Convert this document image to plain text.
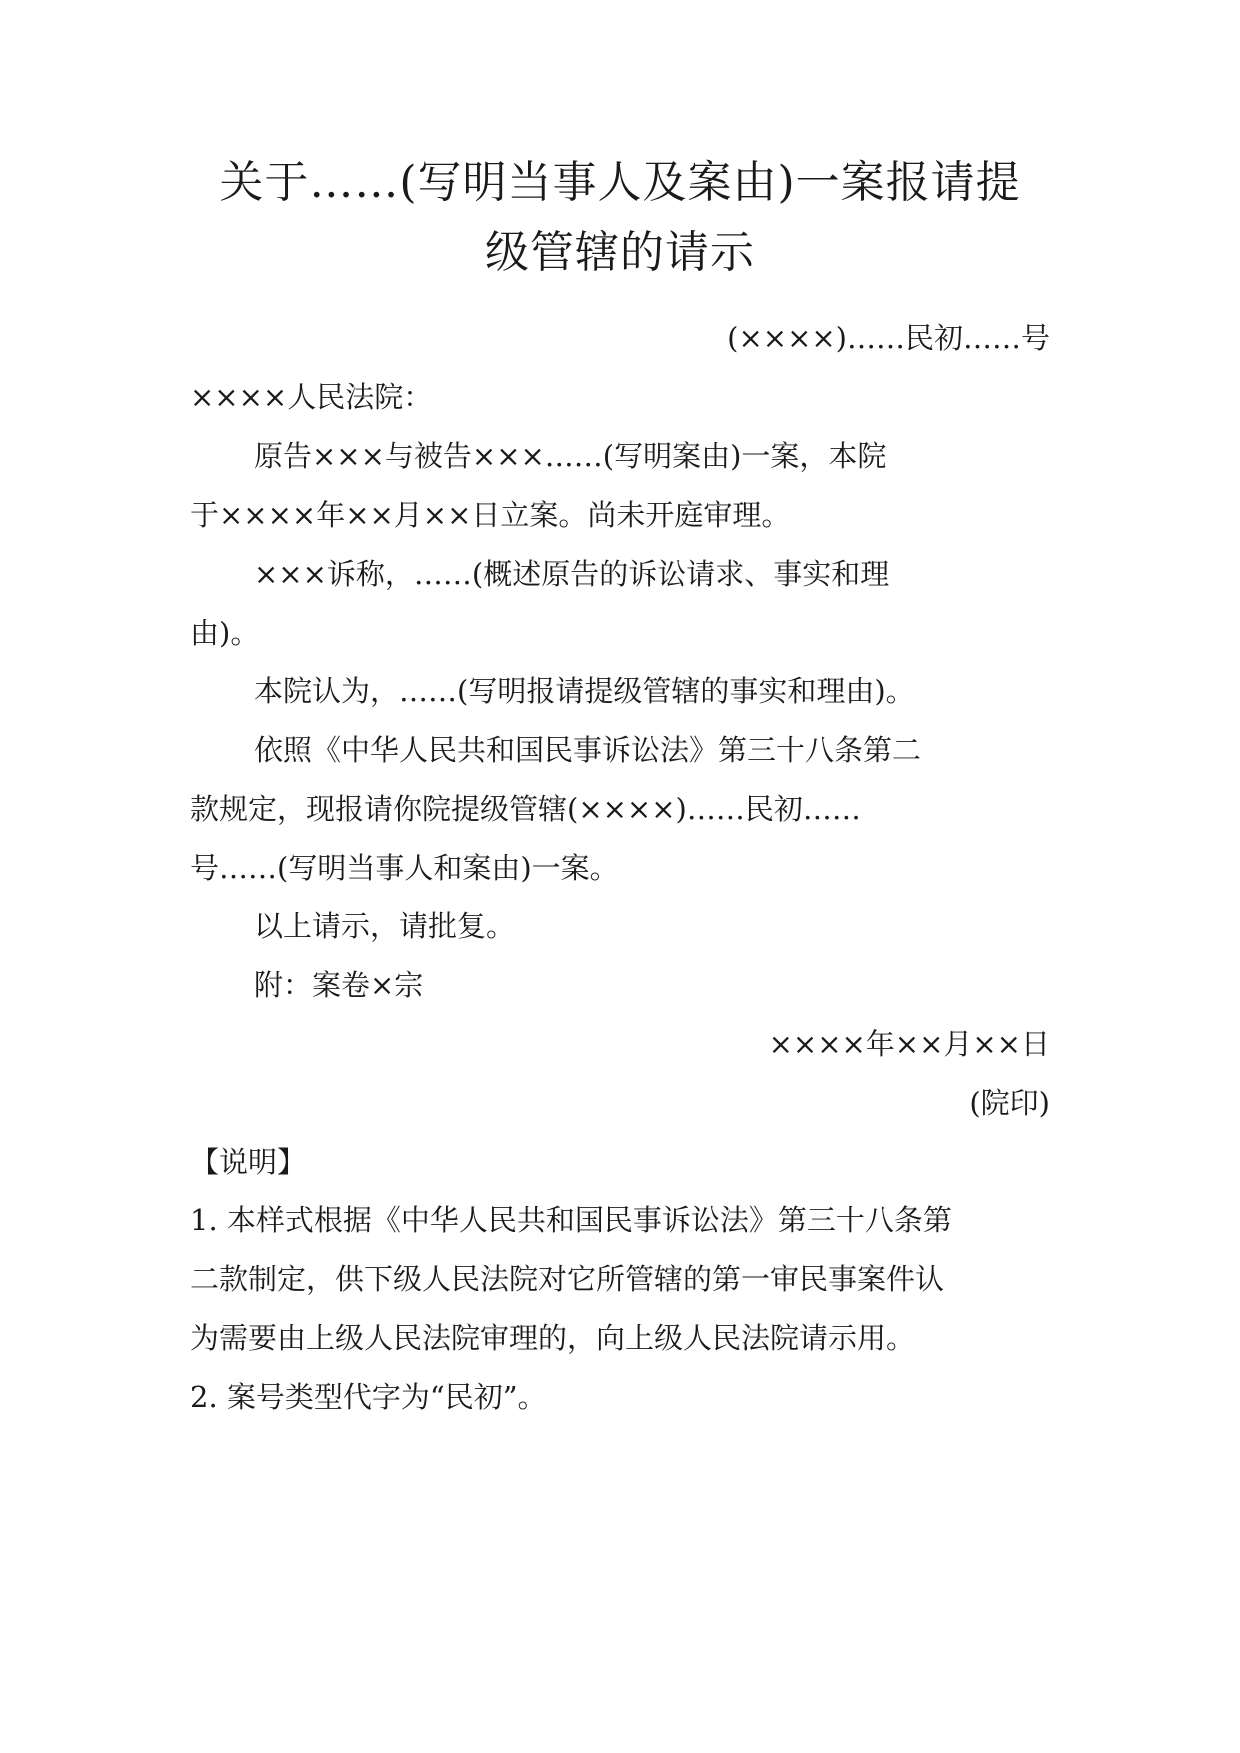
关于……(写明当事人及案由)一案报请提
级管辖的请示
(××××)……民初……号
××××人民法院：
原告×××与被告×××……(写明案由)一案，本院
于××××年××月××日立案。尚未开庭审理。
×××诉称，……(概述原告的诉讼请求、事实和理
由)。
本院认为，……(写明报请提级管辖的事实和理由)。
依照《中华人民共和国民事诉讼法》第三十八条第二
款规定，现报请你院提级管辖(××××)……民初……
号……(写明当事人和案由)一案。
以上请示，请批复。
附：案卷×宗
××××年××月××日
(院印)
【说明】
1. 本样式根据《中华人民共和国民事诉讼法》第三十八条第
二款制定，供下级人民法院对它所管辖的第一审民事案件认
为需要由上级人民法院审理的，向上级人民法院请示用。
2. 案号类型代字为“民初”。
